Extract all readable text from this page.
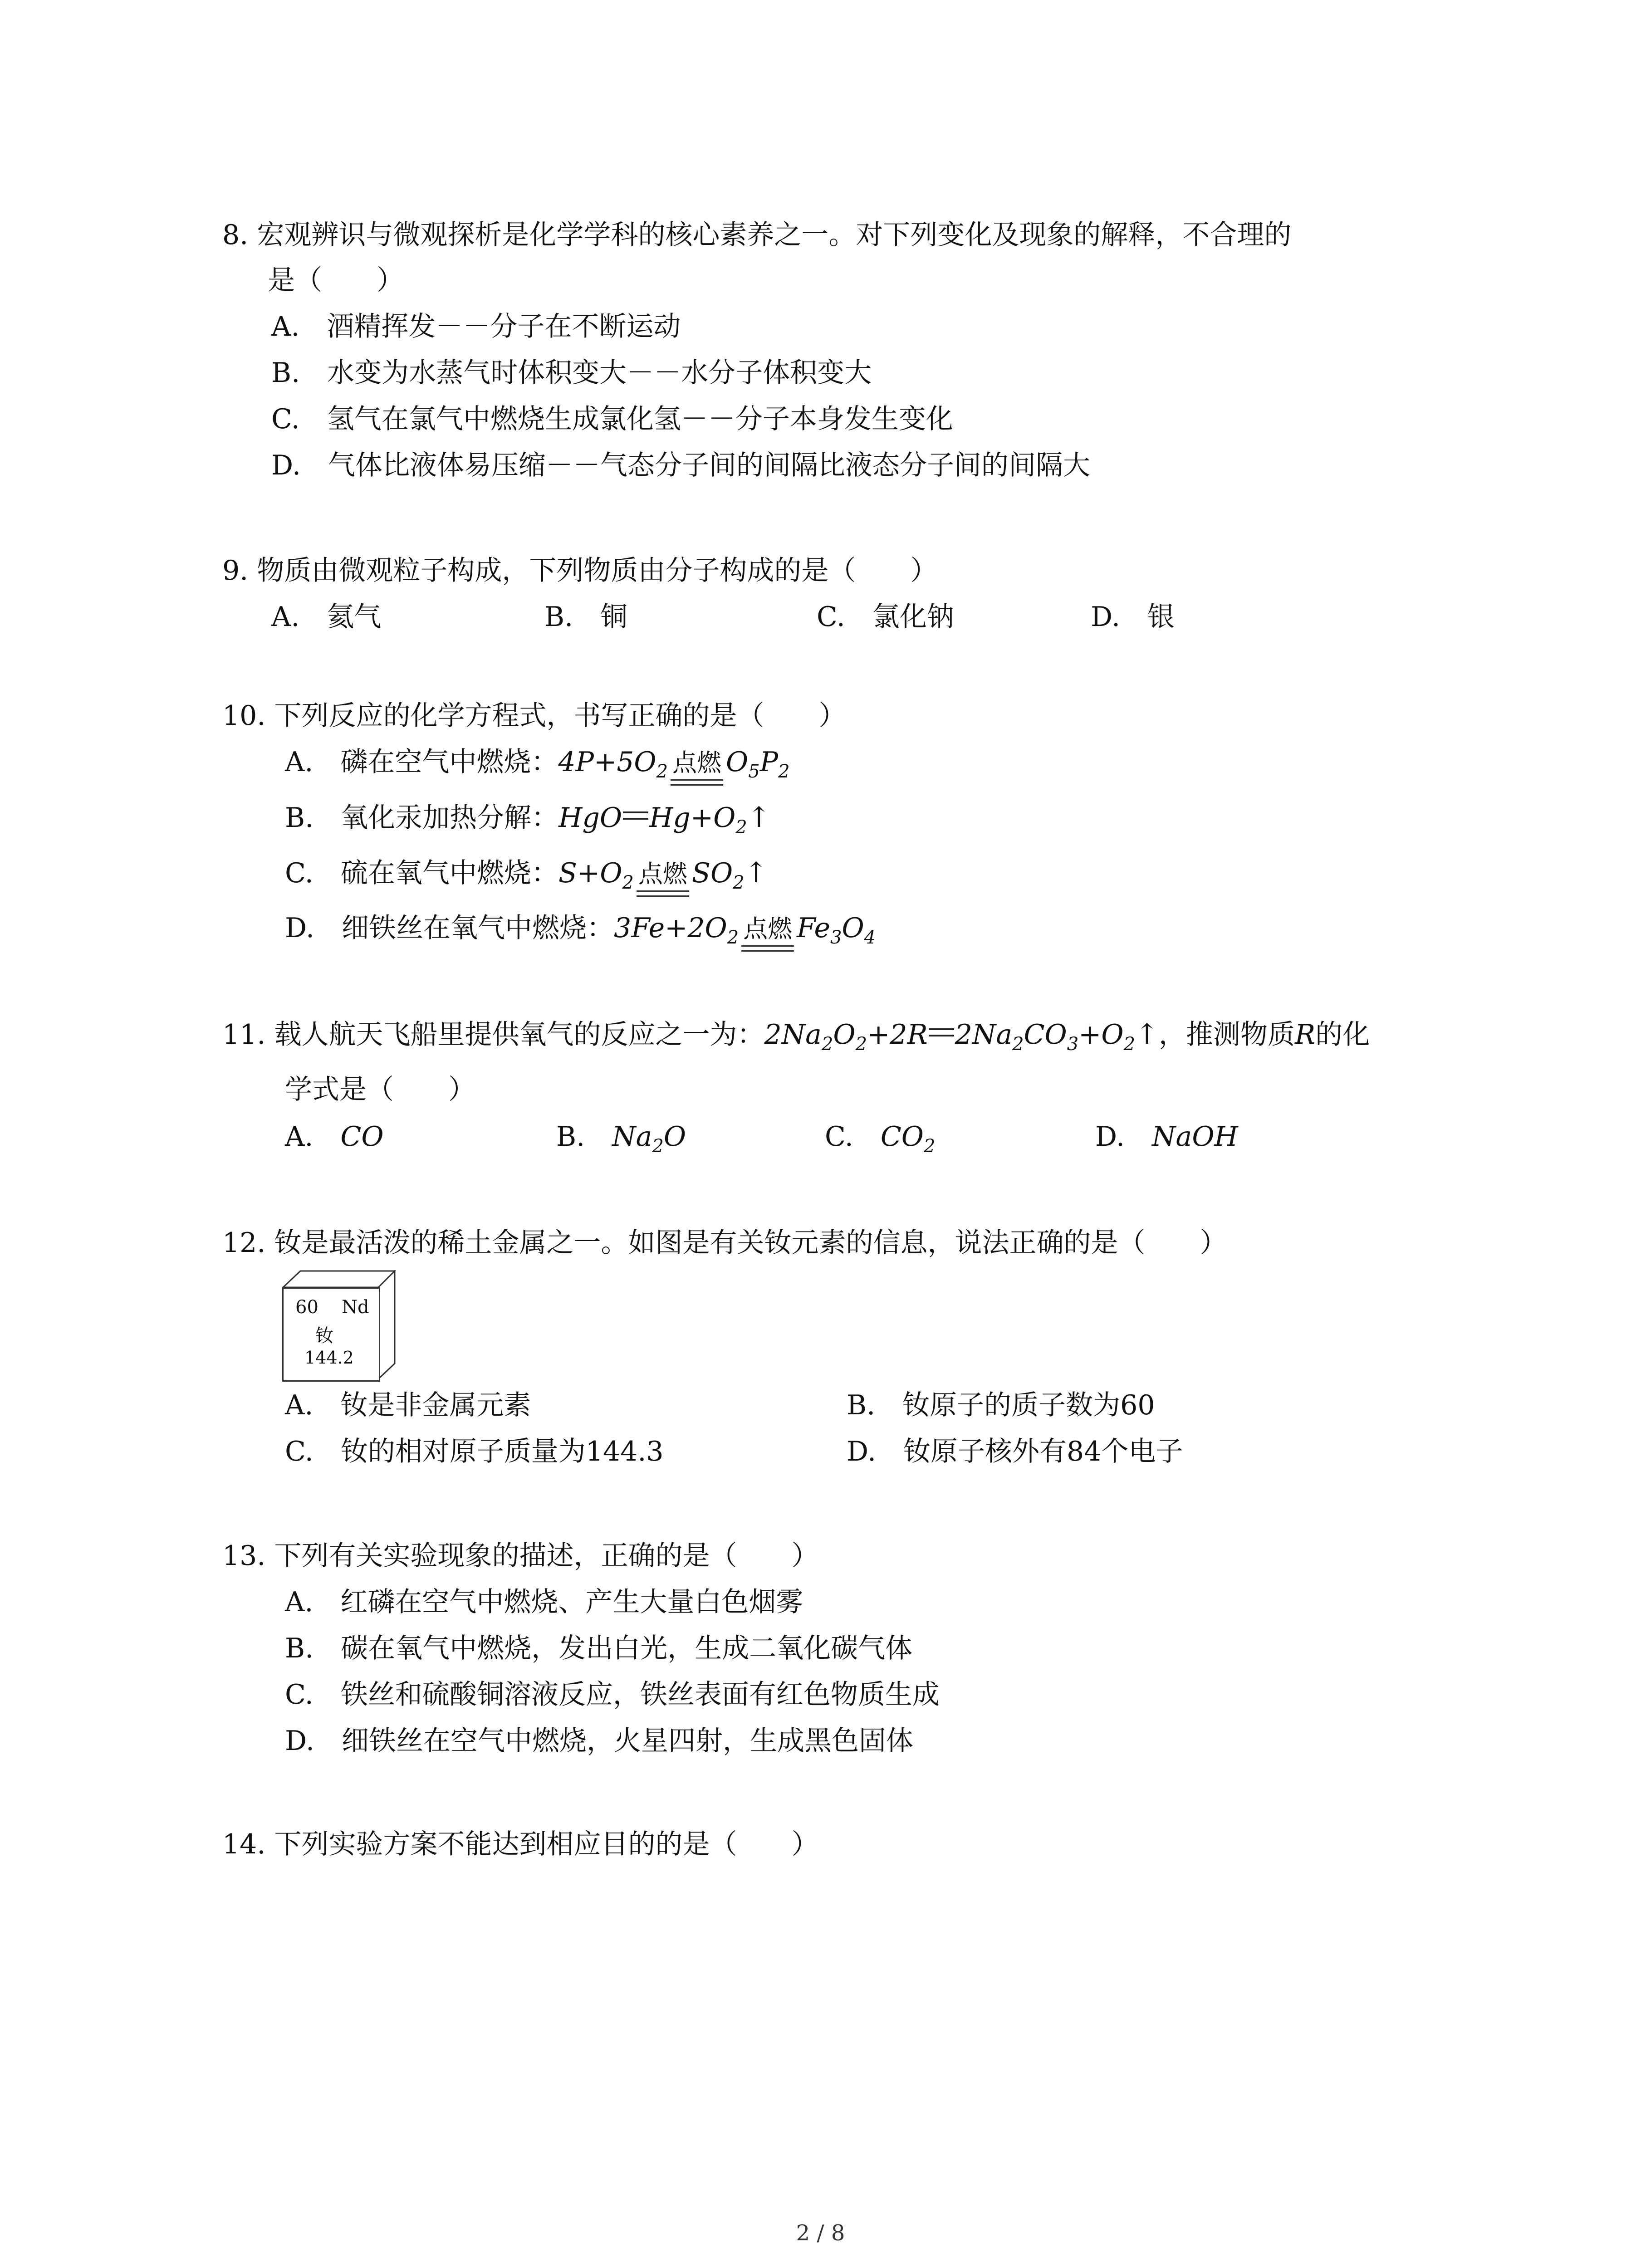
8. 宏观辨识与微观探析是化学学科的核心素养之一。对下列变化及现象的解释，不合理的
是（　　）
A.　酒精挥发－－分子在不断运动
B.　水变为水蒸气时体积变大－－水分子体积变大
C.　氢气在氯气中燃烧生成氯化氢－－分子本身发生变化
D.　气体比液体易压缩－－气态分子间的间隔比液态分子间的间隔大
9. 物质由微观粒子构成，下列物质由分子构成的是（　　）
A.　氦气	B.　铜	C.　氯化钠	D.　银
10. 下列反应的化学方程式，书写正确的是（　　）
A.　磷在空气中燃烧：$4P+5O_2$ 点燃 $O_5P_2$
B.　氧化汞加热分解：HgO $Hg+O_2↑$
C.　硫在氧气中燃烧：$S+O_2$ 点燃 $SO_2↑$
D.　细铁丝在氧气中燃烧：$3Fe+2O_2$ 点燃 $Fe_3O_4$
11. 载人航天飞船里提供氧气的反应之一为：$2Na_2O_2+2R$ $2Na_2CO_3+O_2↑$，推测物质R的化
学式是（　　）
A.　CO	B.　$Na_2O$	C.　$CO_2$	D.　NaOH
12. 钕是最活泼的稀土金属之一。如图是有关钕元素的信息，说法正确的是（　　）
60 Nd
钕
144.2
A.　钕是非金属元素	B.　钕原子的质子数为60
C.　钕的相对原子质量为144.3	D.　钕原子核外有84个电子
13. 下列有关实验现象的描述，正确的是（　　）
A.　红磷在空气中燃烧、产生大量白色烟雾
B.　碳在氧气中燃烧，发出白光，生成二氧化碳气体
C.　铁丝和硫酸铜溶液反应，铁丝表面有红色物质生成
D.　细铁丝在空气中燃烧，火星四射，生成黑色固体
14. 下列实验方案不能达到相应目的的是（　　）
2 / 8
